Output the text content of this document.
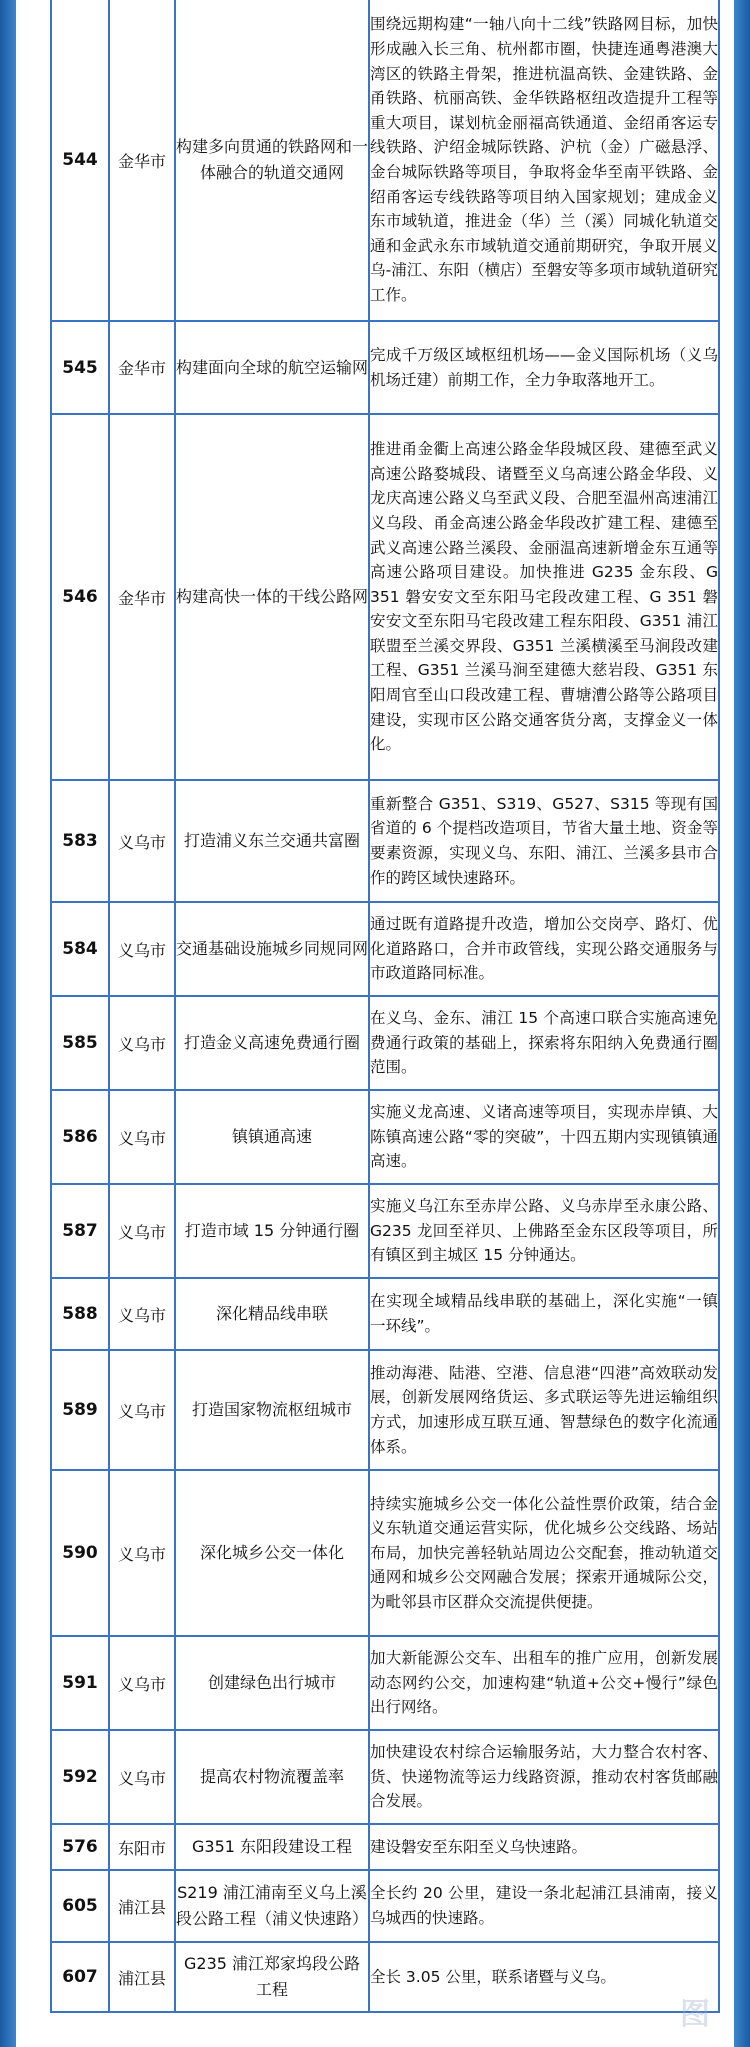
544	金华市	构建多向贯通的铁路网和一体融合的轨道交通网	围绕远期构建“一轴八向十二线”铁路网目标，加快形成融入长三角、杭州都市圈，快捷连通粤港澳大湾区的铁路主骨架，推进杭温高铁、金建铁路、金甬铁路、杭丽高铁、金华铁路枢纽改造提升工程等重大项目，谋划杭金丽福高铁通道、金绍甬客运专线铁路、沪绍金城际铁路、沪杭（金）广磁悬浮、金台城际铁路等项目，争取将金华至南平铁路、金绍甬客运专线铁路等项目纳入国家规划；建成金义东市域轨道，推进金（华）兰（溪）同城化轨道交通和金武永东市域轨道交通前期研究，争取开展义乌-浦江、东阳（横店）至磐安等多项市域轨道研究工作。
545	金华市	构建面向全球的航空运输网	完成千万级区域枢纽机场——金义国际机场（义乌机场迁建）前期工作，全力争取落地开工。
546	金华市	构建高快一体的干线公路网	推进甬金衢上高速公路金华段城区段、建德至武义高速公路婺城段、诸暨至义乌高速公路金华段、义龙庆高速公路义乌至武义段、合肥至温州高速浦江义乌段、甬金高速公路金华段改扩建工程、建德至武义高速公路兰溪段、金丽温高速新增金东互通等高速公路项目建设。加快推进 G235 金东段、G 351 磐安安文至东阳马宅段改建工程、G 351 磐安安文至东阳马宅段改建工程东阳段、G351 浦江联盟至兰溪交界段、G351 兰溪横溪至马涧段改建工程、G351 兰溪马涧至建德大慈岩段、G351 东阳周官至山口段改建工程、曹塘漕公路等公路项目建设，实现市区公路交通客货分离，支撑金义一体化。
583	义乌市	打造浦义东兰交通共富圈	重新整合 G351、S319、G527、S315 等现有国省道的 6 个提档改造项目，节省大量土地、资金等要素资源，实现义乌、东阳、浦江、兰溪多县市合作的跨区域快速路环。
584	义乌市	交通基础设施城乡同规同网	通过既有道路提升改造，增加公交岗亭、路灯、优化道路路口，合并市政管线，实现公路交通服务与市政道路同标准。
585	义乌市	打造金义高速免费通行圈	在义乌、金东、浦江 15 个高速口联合实施高速免费通行政策的基础上，探索将东阳纳入免费通行圈范围。
586	义乌市	镇镇通高速	实施义龙高速、义诸高速等项目，实现赤岸镇、大陈镇高速公路“零的突破”，十四五期内实现镇镇通高速。
587	义乌市	打造市域 15 分钟通行圈	实施义乌江东至赤岸公路、义乌赤岸至永康公路、G235 龙回至祥贝、上佛路至金东区段等项目，所有镇区到主城区 15 分钟通达。
588	义乌市	深化精品线串联	在实现全域精品线串联的基础上，深化实施“一镇一环线”。
589	义乌市	打造国家物流枢纽城市	推动海港、陆港、空港、信息港“四港”高效联动发展，创新发展网络货运、多式联运等先进运输组织方式，加速形成互联互通、智慧绿色的数字化流通体系。
590	义乌市	深化城乡公交一体化	持续实施城乡公交一体化公益性票价政策，结合金义东轨道交通运营实际，优化城乡公交线路、场站布局，加快完善轻轨站周边公交配套，推动轨道交通网和城乡公交网融合发展；探索开通城际公交，为毗邻县市区群众交流提供便捷。
591	义乌市	创建绿色出行城市	加大新能源公交车、出租车的推广应用，创新发展动态网约公交，加速构建“轨道+公交+慢行”绿色出行网络。
592	义乌市	提高农村物流覆盖率	加快建设农村综合运输服务站，大力整合农村客、货、快递物流等运力线路资源，推动农村客货邮融合发展。
576	东阳市	G351 东阳段建设工程	建设磐安至东阳至义乌快速路。
605	浦江县	S219 浦江浦南至义乌上溪段公路工程（浦义快速路）	全长约 20 公里，建设一条北起浦江县浦南，接义乌城西的快速路。
607	浦江县	G235 浦江郑家坞段公路工程	全长 3.05 公里，联系诸暨与义乌。
图
